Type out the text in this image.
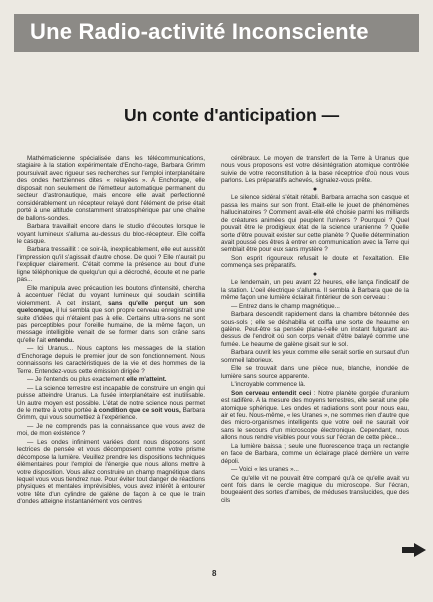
Une Radio-activité Inconsciente
Un conte d'anticipation —

Mathématicienne spécialisée dans les télécommunications, stagiaire à la station expérimentale d'Encho-rage, Barbara Grimm poursuivait avec rigueur ses recherches sur l'emploi interplanétaire des ondes hertziennes dites « relayées ». A Enchorage, elle disposait non seulement de l'émetteur automatique permanent du secteur d'astronautique, mais encore elle avait perfectionné considérablement un récepteur relayé dont l'élément de prise était porté à une altitude constamment stratosphérique par une chaîne de ballons-sondes.

Barbara travaillait encore dans le studio d'écoutes lorsque le voyant lumineux s'alluma au-dessus du bloc-récepteur. Elle coiffa le casque.

Barbara tressaillit : ce soir-là, inexplicablement, elle eut aussitôt l'impression qu'il s'agissait d'autre chose. De quoi ? Elle n'aurait pu l'expliquer clairement. C'était comme la présence au bout d'une ligne téléphonique de quelqu'un qui a décroché, écoute et ne parle pas...

Elle manipula avec précaution les boutons d'intensité, chercha à accentuer l'éclat du voyant lumineux qui soudain scintilla violemment. A cet instant, sans qu'elle perçut un son quelconque, il lui sembla que son propre cerveau enregistrait une suite d'idées qui n'étaient pas à elle. Certains ultra-sons ne sont pas perceptibles pour l'oreille humaine, de la même façon, un message intelligible venait de se former dans son crâne sans qu'elle l'ait entendu.

— Ici Uranus... Nous captons les messages de la station d'Enchorage depuis le premier jour de son fonctionnement. Nous connaissons les caractéristiques de la vie et des hommes de la Terre. Entendez-vous cette émission dirigée ?

— Je l'entends ou plus exactement elle m'atteint.

— La science terrestre est incapable de construire un engin qui puisse atteindre Uranus. La fusée interplanétaire est inutilisable. Un autre moyen est possible. L'état de notre science nous permet de le mettre à votre portée à condition que ce soit vous, Barbara Grimm, qui vous soumettiez à l'expérience.

— Je ne comprends pas la connaissance que vous avez de moi, de mon existence ?

— Les ondes infiniment variées dont nous disposons sont lectrices de pensée et vous décomposent comme votre prisme décompose la lumière. Veuillez prendre les dispositions techniques élémentaires pour l'emploi de l'énergie que nous allons mettre à votre disposition. Vous allez construire un champ magnétique dans lequel vous vous tiendrez nue. Pour éviter tout danger de réactions physiques et mentales imprévisibles, vous avez intérêt à entourer votre tête d'un cylindre de galène de façon à ce que le train d'ondes atteigne instantanément vos centres

cérébraux. Le moyen de transfert de la Terre à Uranus que nous vous proposons est votre désintégration atomique contrôlée suivie de votre reconstitution à la base réceptrice d'où nous vous parlons. Les préparatifs achevés, signalez-vous prête.

●

Le silence sidéral s'était rétabli. Barbara arracha son casque et passa les mains sur son front. Etait-elle le jouet de phénomènes hallucinatoires ? Comment avait-elle été choisie parmi les milliards de créatures animées qui peuplent l'univers ? Pourquoi ? Quel pouvait être le prodigieux état de la science uranienne ? Quelle sorte d'être pouvait exister sur cette planète ? Quelle détermination avait poussé ces êtres à entrer en communication avec la Terre qui semblait être pour eux sans mystère ?

Son esprit rigoureux refusait le doute et l'exaltation. Elle commença ses préparatifs.

●

Le lendemain, un peu avant 22 heures, elle lança l'indicatif de la station. L'oeil électrique s'alluma. Il sembla à Barbara que de la même façon une lumière éclairait l'intérieur de son cerveau :

— Entrez dans le champ magnétique...

Barbara descendit rapidement dans la chambre bétonnée des sous-sols ; elle se déshabilla et coiffa une sorte de heaume en galène. Peut-être sa pensée plana-t-elle un instant fulgurant au-dessus de l'endroit où son corps venait d'être balayé comme une fumée. Le heaume de galène gisait sur le sol.

Barbara ouvrit les yeux comme elle serait sortie en sursaut d'un sommeil laborieux.

Elle se trouvait dans une pièce nue, blanche, inondée de lumière sans source apparente.

L'incroyable commence là.

Son cerveau entendit ceci : Notre planète gorgée d'uranium est radifère. A la mesure des moyens terrestres, elle serait une pile atomique sphérique. Les ondes et radiations sont pour nous eau, air et feu. Nous-même, « les Uranes », ne sommes rien d'autre que des micro-organismes intelligents que votre oeil ne saurait voir sans le secours d'un microscope électronique. Cependant, nous allons nous rendre visibles pour vous sur l'écran de cette pièce...

La lumière baissa ; seule une fluorescence traça un rectangle en face de Barbara, comme un éclairage placé derrière un verre dépoli.

— Voici « les uranes »...

Ce qu'elle vit ne pouvait être comparé qu'à ce qu'elle avait vu cent fois dans le cercle magique du microscope. Sur l'écran, bougeaient des sortes d'amibes, de méduses translucides, que des cils

8
